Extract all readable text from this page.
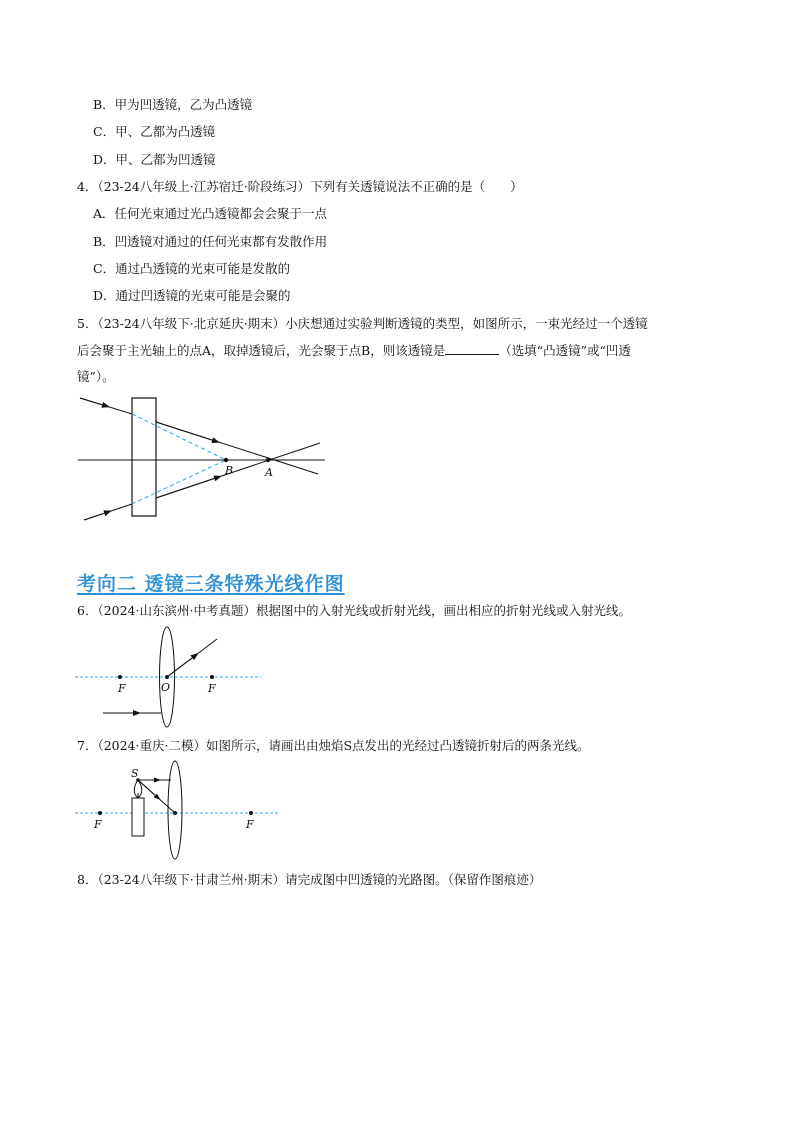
B．甲为凹透镜，乙为凸透镜
C．甲、乙都为凸透镜
D．甲、乙都为凹透镜
4．（23-24八年级上·江苏宿迁·阶段练习）下列有关透镜说法不正确的是（　　）
A．任何光束通过光凸透镜都会会聚于一点
B．凹透镜对通过的任何光束都有发散作用
C．通过凸透镜的光束可能是发散的
D．通过凹透镜的光束可能是会聚的
5．（23-24八年级下·北京延庆·期末）小庆想通过实验判断透镜的类型，如图所示，一束光经过一个透镜
后会聚于主光轴上的点A，取掉透镜后，光会聚于点B，则该透镜是	（选填“凸透镜”或“凹透
镜”）。
B	A
考向二 透镜三条特殊光线作图
6．（2024·山东滨州·中考真题）根据图中的入射光线或折射光线，画出相应的折射光线或入射光线。
F	O	F
7．（2024·重庆·二模）如图所示，请画出由烛焰S点发出的光经过凸透镜折射后的两条光线。
S
F	F
8．（23-24八年级下·甘肃兰州·期末）请完成图中凹透镜的光路图。（保留作图痕迹）
